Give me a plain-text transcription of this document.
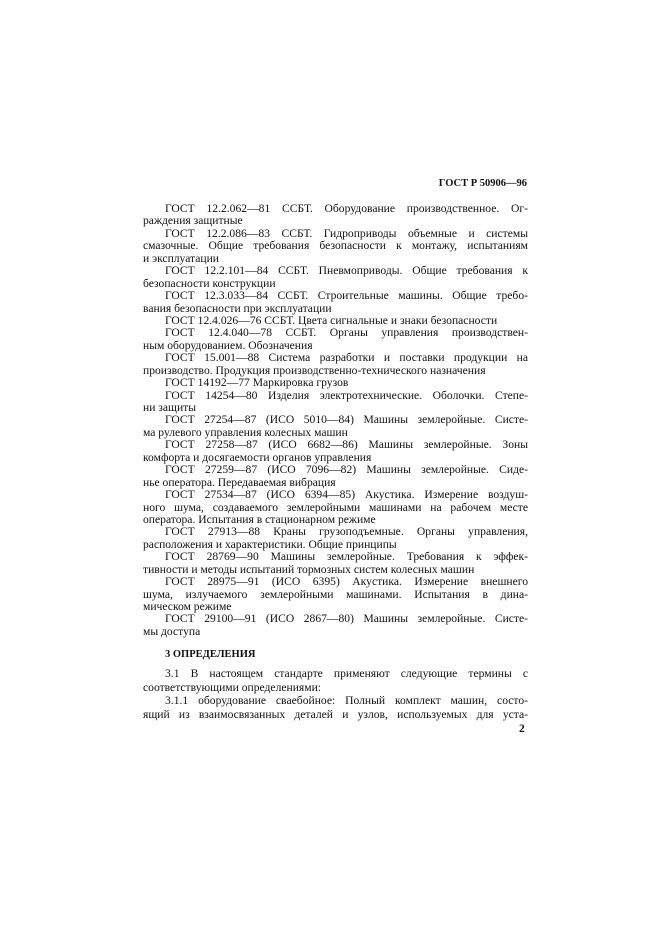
ГОСТ Р 50906—96
ГОСТ 12.2.062—81 ССБТ. Оборудование производственное. Ог-
раждения защитные
ГОСТ 12.2.086—83 ССБТ. Гидроприводы объемные и системы
смазочные. Общие требования безопасности к монтажу, испытаниям
и эксплуатации
ГОСТ 12.2.101—84 ССБТ. Пневмоприводы. Общие требования к
безопасности конструкции
ГОСТ 12.3.033—84 ССБТ. Строительные машины. Общие требо-
вания безопасности при эксплуатации
ГОСТ 12.4.026—76 ССБТ. Цвета сигнальные и знаки безопасности
ГОСТ 12.4.040—78 ССБТ. Органы управления производствен-
ным оборудованием. Обозначения
ГОСТ 15.001—88 Система разработки и поставки продукции на
производство. Продукция производственно-технического назначения
ГОСТ 14192—77 Маркировка грузов
ГОСТ 14254—80 Изделия электротехнические. Оболочки. Степе-
ни защиты
ГОСТ 27254—87 (ИСО 5010—84) Машины землеройные. Систе-
ма рулевого управления колесных машин
ГОСТ 27258—87 (ИСО 6682—86) Машины землеройные. Зоны
комфорта и досягаемости органов управления
ГОСТ 27259—87 (ИСО 7096—82) Машины землеройные. Сиде-
нье оператора. Передаваемая вибрация
ГОСТ 27534—87 (ИСО 6394—85) Акустика. Измерение воздуш-
ного шума, создаваемого землеройными машинами на рабочем месте
оператора. Испытания в стационарном режиме
ГОСТ 27913—88 Краны грузоподъемные. Органы управления,
расположения и характеристики. Общие принципы
ГОСТ 28769—90 Машины землеройные. Требования к эффек-
тивности и методы испытаний тормозных систем колесных машин
ГОСТ 28975—91 (ИСО 6395) Акустика. Измерение внешнего
шума, излучаемого землеройными машинами. Испытания в дина-
мическом режиме
ГОСТ 29100—91 (ИСО 2867—80) Машины землеройные. Систе-
мы доступа
3 ОПРЕДЕЛЕНИЯ
3.1 В настоящем стандарте применяют следующие термины с
соответствующими определениями:
3.1.1 оборудование свaебойное: Полный комплект машин, состо-
ящий из взаимосвязанных деталей и узлов, используемых для уста-
2
